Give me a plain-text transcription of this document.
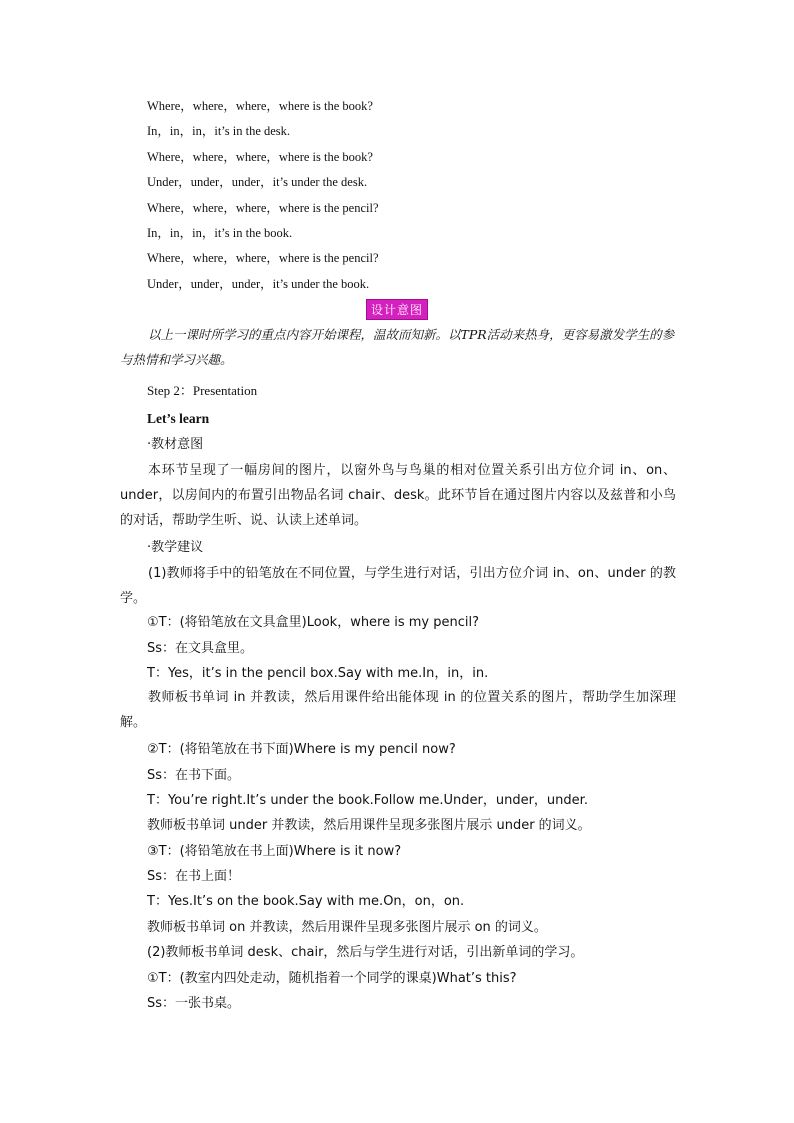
Where，where，where，where is the book?
In，in，in，it’s in the desk.
Where，where，where，where is the book?
Under，under，under，it’s under the desk.
Where，where，where，where is the pencil?
In，in，in，it’s in the book.
Where，where，where，where is the pencil?
Under，under，under，it’s under the book.
设计意图
以上一课时所学习的重点内容开始课程，温故而知新。以TPR活动来热身，更容易激发学生的参与热情和学习兴趣。
Step 2：Presentation
Let’s learn
·教材意图
本环节呈现了一幅房间的图片，以窗外鸟与鸟巢的相对位置关系引出方位介词 in、on、under，以房间内的布置引出物品名词 chair、desk。此环节旨在通过图片内容以及兹普和小鸟的对话，帮助学生听、说、认读上述单词。
·教学建议
(1)教师将手中的铅笔放在不同位置，与学生进行对话，引出方位介词 in、on、under 的教学。
①T：(将铅笔放在文具盒里)Look，where is my pencil?
Ss：在文具盒里。
T：Yes，it’s in the pencil box.Say with me.In，in，in.
教师板书单词 in 并教读，然后用课件给出能体现 in 的位置关系的图片，帮助学生加深理解。
②T：(将铅笔放在书下面)Where is my pencil now?
Ss：在书下面。
T：You’re right.It’s under the book.Follow me.Under，under，under.
教师板书单词 under 并教读，然后用课件呈现多张图片展示 under 的词义。
③T：(将铅笔放在书上面)Where is it now?
Ss：在书上面！
T：Yes.It’s on the book.Say with me.On，on，on.
教师板书单词 on 并教读，然后用课件呈现多张图片展示 on 的词义。
(2)教师板书单词 desk、chair，然后与学生进行对话，引出新单词的学习。
①T：(教室内四处走动，随机指着一个同学的课桌)What’s this?
Ss：一张书桌。
